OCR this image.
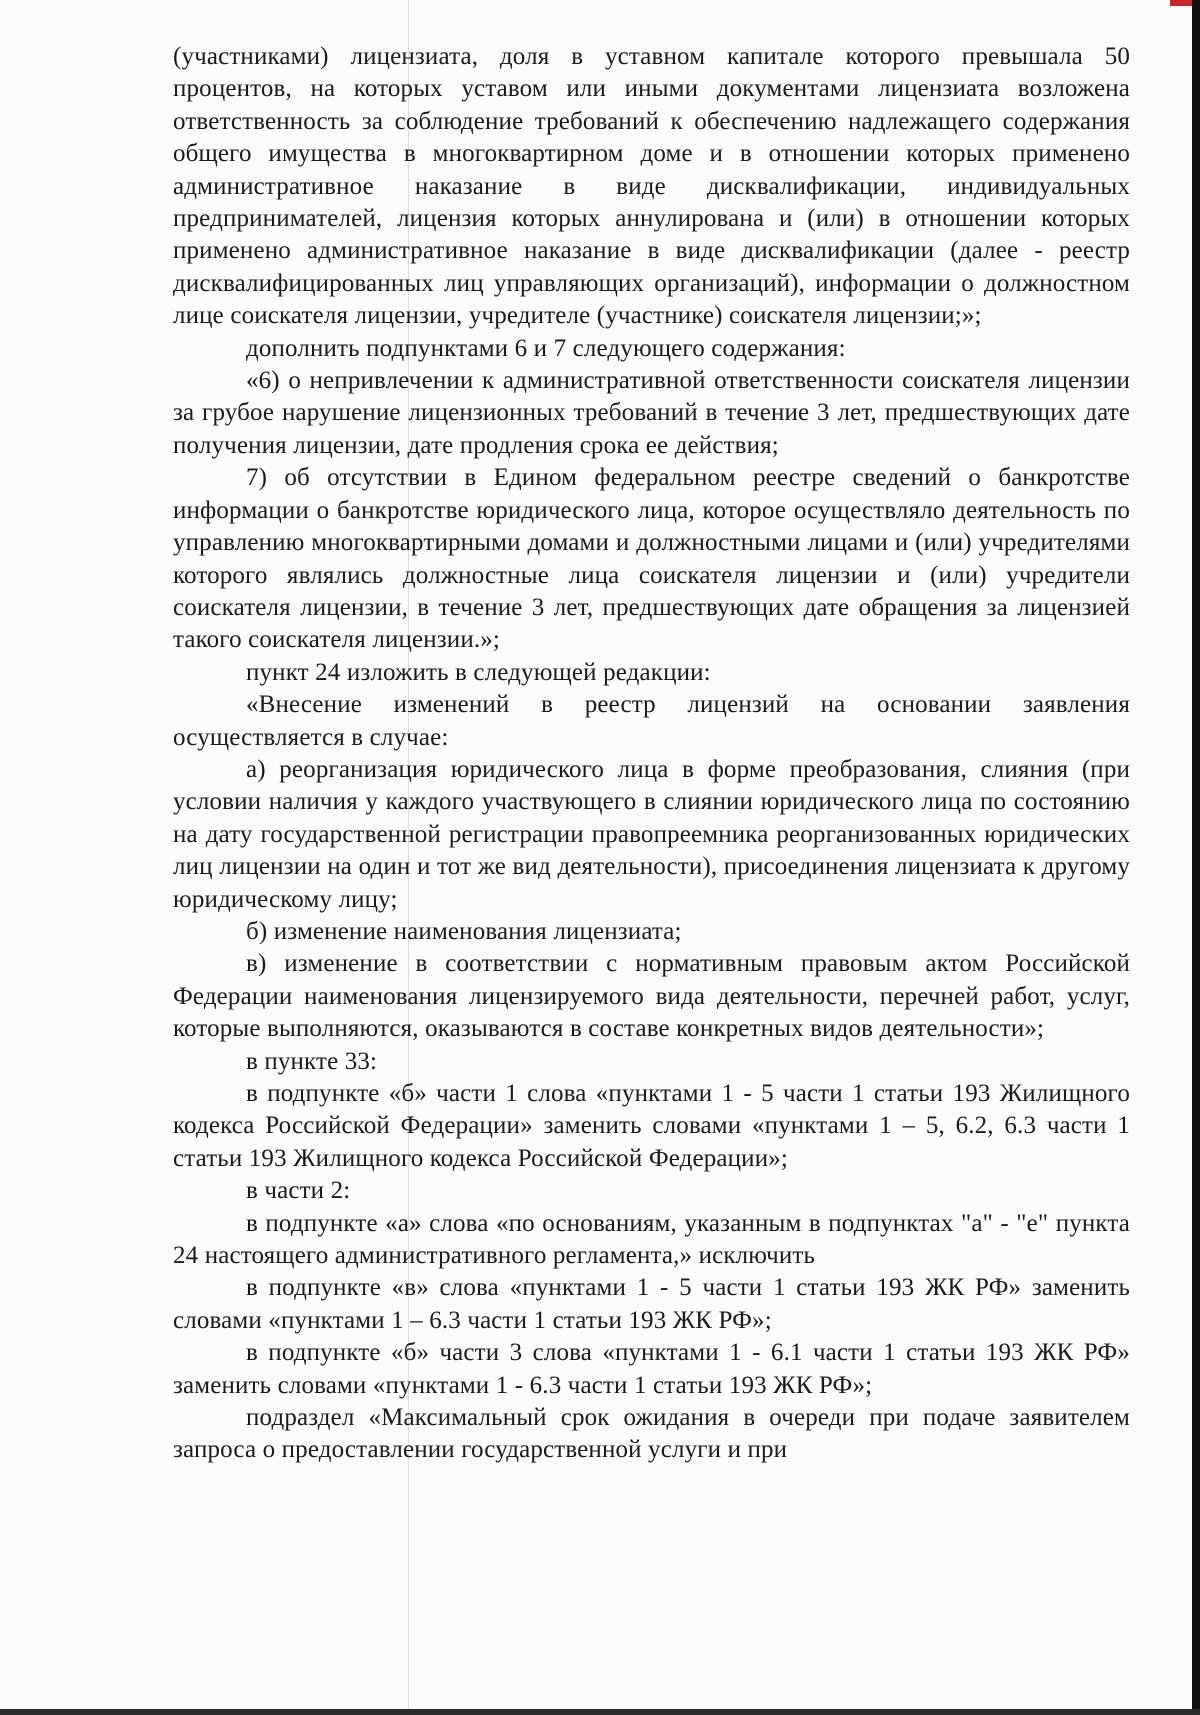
(участниками) лицензиата, доля в уставном капитале которого превышала 50 процентов, на которых уставом или иными документами лицензиата возложена ответственность за соблюдение требований к обеспечению надлежащего содержания общего имущества в многоквартирном доме и в отношении которых применено административное наказание в виде дисквалификации, индивидуальных предпринимателей, лицензия которых аннулирована и (или) в отношении которых применено административное наказание в виде дисквалификации (далее - реестр дисквалифицированных лиц управляющих организаций), информации о должностном лице соискателя лицензии, учредителе (участнике) соискателя лицензии;»;

дополнить подпунктами 6 и 7 следующего содержания:

«6) о непривлечении к административной ответственности соискателя лицензии за грубое нарушение лицензионных требований в течение 3 лет, предшествующих дате получения лицензии, дате продления срока ее действия;

7) об отсутствии в Едином федеральном реестре сведений о банкротстве информации о банкротстве юридического лица, которое осуществляло деятельность по управлению многоквартирными домами и должностными лицами и (или) учредителями которого являлись должностные лица соискателя лицензии и (или) учредители соискателя лицензии, в течение 3 лет, предшествующих дате обращения за лицензией такого соискателя лицензии.»;

пункт 24 изложить в следующей редакции:

«Внесение изменений в реестр лицензий на основании заявления осуществляется в случае:

а) реорганизация юридического лица в форме преобразования, слияния (при условии наличия у каждого участвующего в слиянии юридического лица по состоянию на дату государственной регистрации правопреемника реорганизованных юридических лиц лицензии на один и тот же вид деятельности), присоединения лицензиата к другому юридическому лицу;

б) изменение наименования лицензиата;

в) изменение в соответствии с нормативным правовым актом Российской Федерации наименования лицензируемого вида деятельности, перечней работ, услуг, которые выполняются, оказываются в составе конкретных видов деятельности»;

в пункте 33:

в подпункте «б» части 1 слова «пунктами 1 - 5 части 1 статьи 193 Жилищного кодекса Российской Федерации» заменить словами «пунктами 1 – 5, 6.2, 6.3 части 1 статьи 193 Жилищного кодекса Российской Федерации»;

в части 2:

в подпункте «а» слова «по основаниям, указанным в подпунктах "а" - "е" пункта 24 настоящего административного регламента,» исключить

в подпункте «в» слова «пунктами 1 - 5 части 1 статьи 193 ЖК РФ» заменить словами «пунктами 1 – 6.3 части 1 статьи 193 ЖК РФ»;

в подпункте «б» части 3 слова «пунктами 1 - 6.1 части 1 статьи 193 ЖК РФ» заменить словами «пунктами 1 - 6.3 части 1 статьи 193 ЖК РФ»;

подраздел «Максимальный срок ожидания в очереди при подаче заявителем запроса о предоставлении государственной услуги и при
